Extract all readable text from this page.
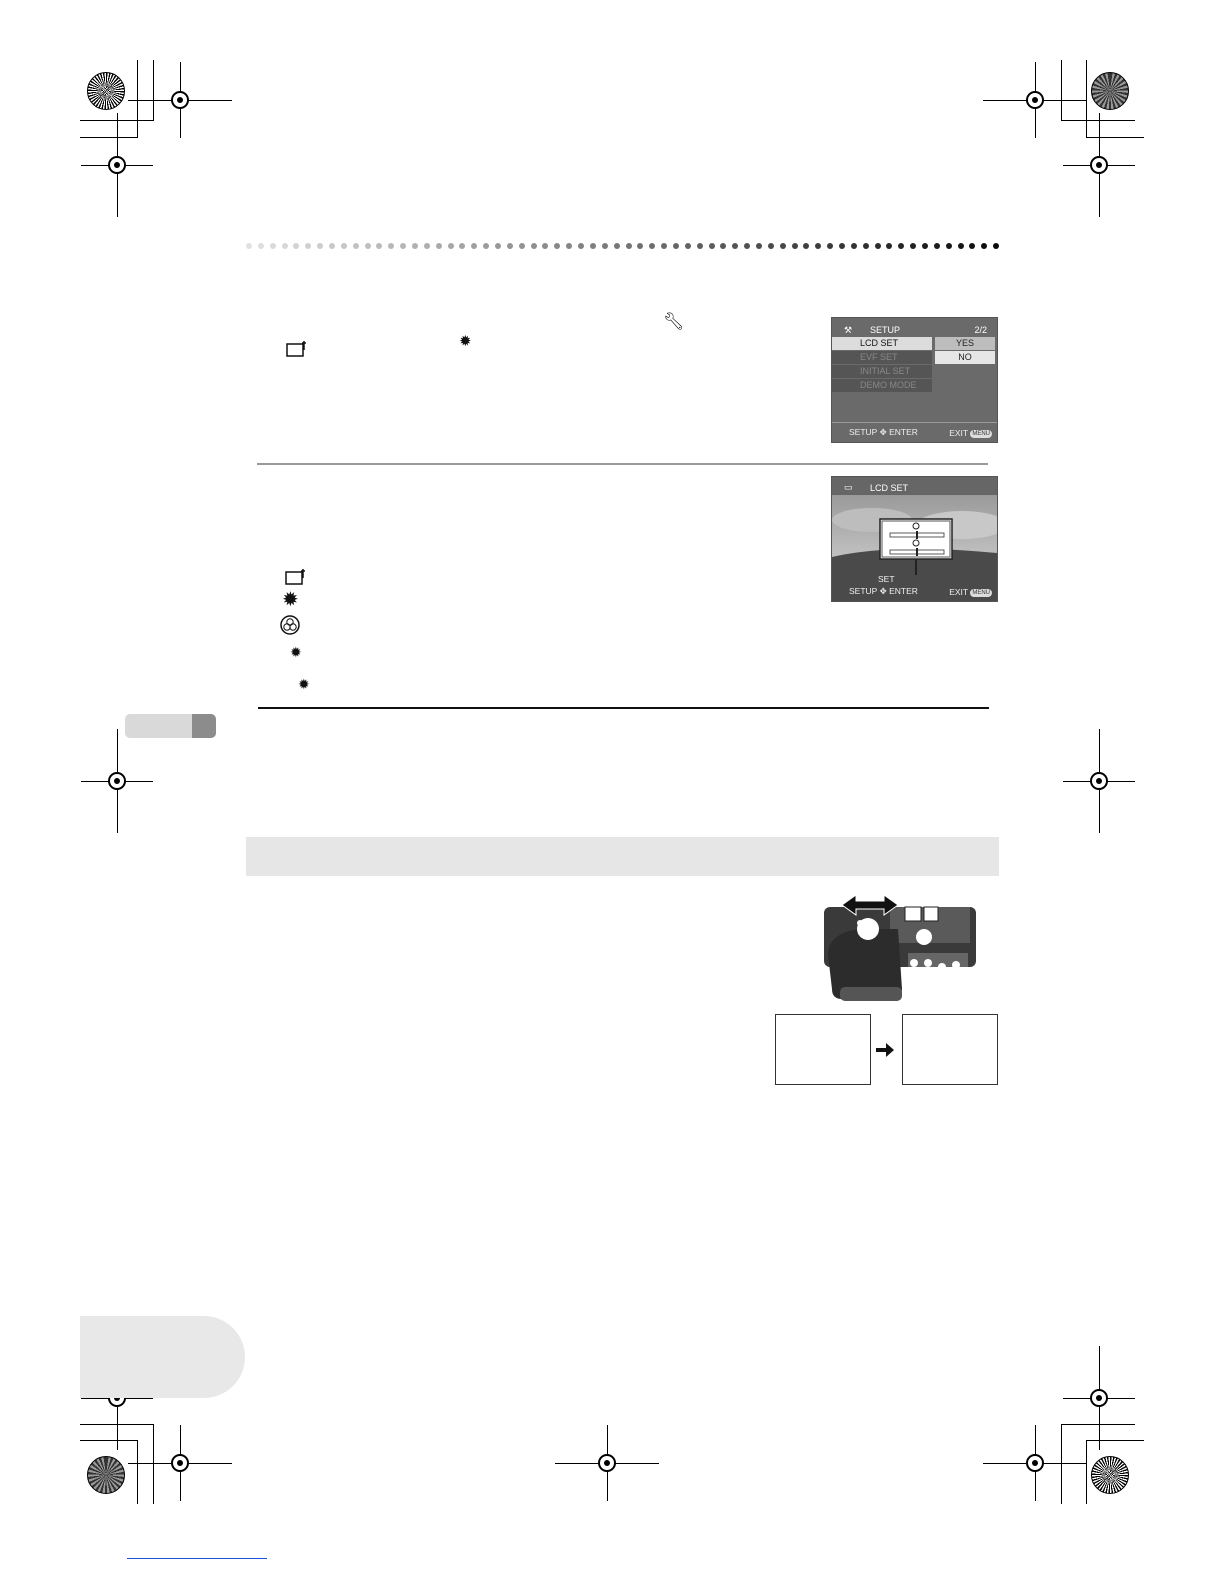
🔧︎
✹
⚒ SETUP	2/2
LCD SET
EVF SET
INITIAL SET
DEMO MODE
YES
NO
SETUP ✥ ENTER	EXIT MENU
▭ LCD SET
SET
SETUP ✥ ENTER	EXIT MENU
✹
✹
✹
